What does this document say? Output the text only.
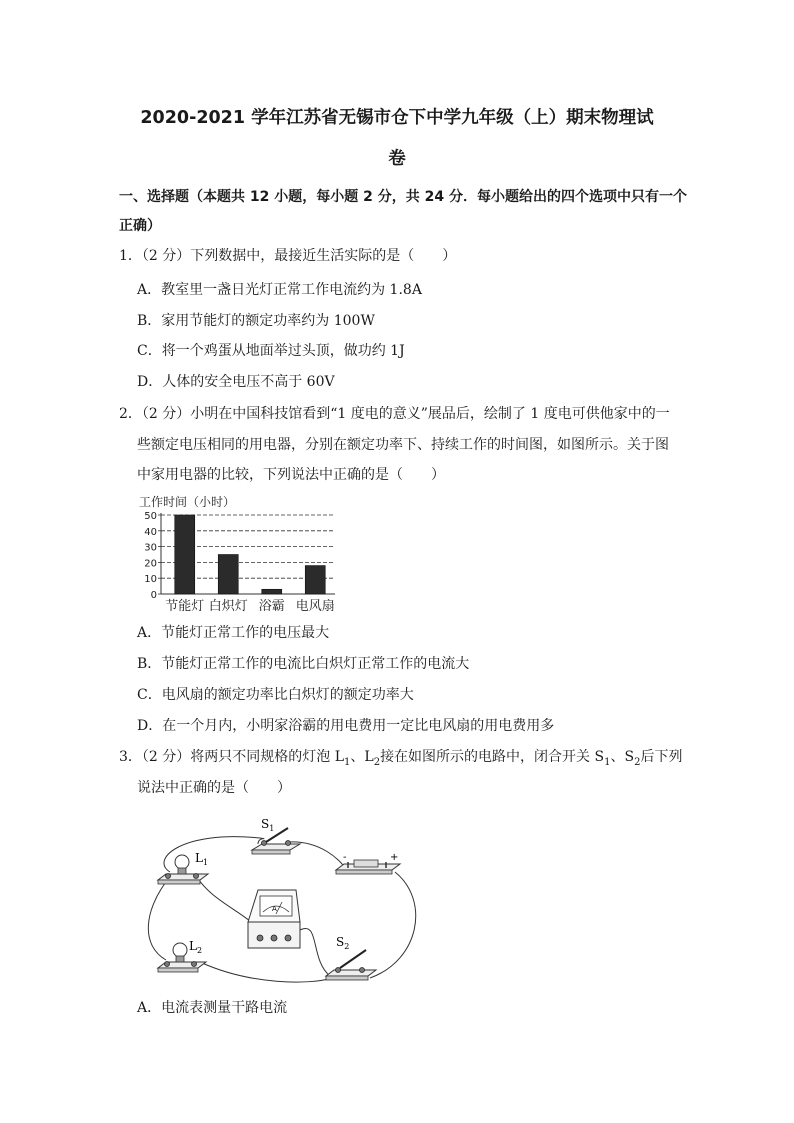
2020-2021 学年江苏省无锡市仓下中学九年级（上）期末物理试
卷
一、选择题（本题共 12 小题，每小题 2 分，共 24 分．每小题给出的四个选项中只有一个
正确）
1．（2 分）下列数据中，最接近生活实际的是（　　）
A．教室里一盏日光灯正常工作电流约为 1.8A
B．家用节能灯的额定功率约为 100W
C．将一个鸡蛋从地面举过头顶，做功约 1J
D．人体的安全电压不高于 60V
2．（2 分）小明在中国科技馆看到“1 度电的意义”展品后，绘制了 1 度电可供他家中的一
些额定电压相同的用电器，分别在额定功率下、持续工作的时间图，如图所示。关于图
中家用电器的比较，下列说法中正确的是（　　）
工作时间（小时）
0
10
20
30
40
50
节能灯 白炽灯 浴霸 电风扇
A．节能灯正常工作的电压最大
B．节能灯正常工作的电流比白炽灯正常工作的电流大
C．电风扇的额定功率比白炽灯的额定功率大
D．在一个月内，小明家浴霸的用电费用一定比电风扇的用电费用多
3．（2 分）将两只不同规格的灯泡 $L_1$、$L_2$接在如图所示的电路中，闭合开关 $S_1$、$S_2$后下列
说法中正确的是（　　）
$S_1$
-	+
$L_1$
A
$L_2$
$S_2$
A．电流表测量干路电流
